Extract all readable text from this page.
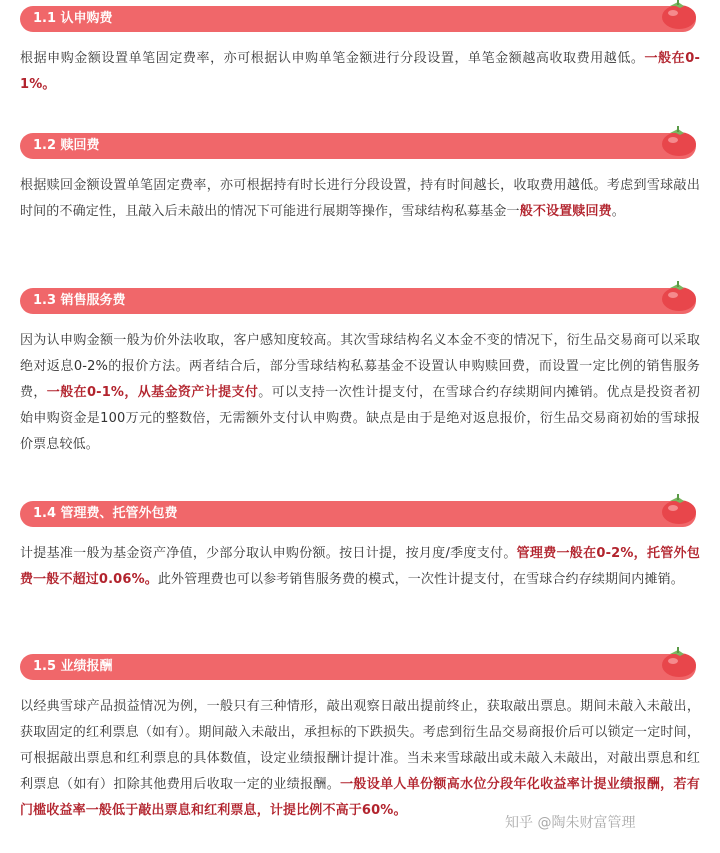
1.1 认申购费
根据申购金额设置单笔固定费率，亦可根据认申购单笔金额进行分段设置，单笔金额越高收取费用越低。一般在0-1%。
1.2 赎回费
根据赎回金额设置单笔固定费率，亦可根据持有时长进行分段设置，持有时间越长，收取费用越低。考虑到雪球敲出时间的不确定性，且敲入后未敲出的情况下可能进行展期等操作，雪球结构私募基金一般不设置赎回费。
1.3 销售服务费
因为认申购金额一般为价外法收取，客户感知度较高。其次雪球结构名义本金不变的情况下，衍生品交易商可以采取绝对返息0-2%的报价方法。两者结合后，部分雪球结构私募基金不设置认申购赎回费，而设置一定比例的销售服务费，一般在0-1%，从基金资产计提支付。可以支持一次性计提支付，在雪球合约存续期间内摊销。优点是投资者初始申购资金是100万元的整数倍，无需额外支付认申购费。缺点是由于是绝对返息报价，衍生品交易商初始的雪球报价票息较低。
1.4 管理费、托管外包费
计提基准一般为基金资产净值，少部分取认申购份额。按日计提，按月度/季度支付。管理费一般在0-2%，托管外包费一般不超过0.06%。此外管理费也可以参考销售服务费的模式，一次性计提支付，在雪球合约存续期间内摊销。
1.5 业绩报酬
以经典雪球产品损益情况为例，一般只有三种情形，敲出观察日敲出提前终止，获取敲出票息。期间未敲入未敲出，获取固定的红利票息（如有）。期间敲入未敲出，承担标的下跌损失。考虑到衍生品交易商报价后可以锁定一定时间，可根据敲出票息和红利票息的具体数值，设定业绩报酬计提计准。当未来雪球敲出或未敲入未敲出，对敲出票息和红利票息（如有）扣除其他费用后收取一定的业绩报酬。一般设单人单份额高水位分段年化收益率计提业绩报酬，若有门槛收益率一般低于敲出票息和红利票息，计提比例不高于60%。
知乎 @陶朱财富管理
